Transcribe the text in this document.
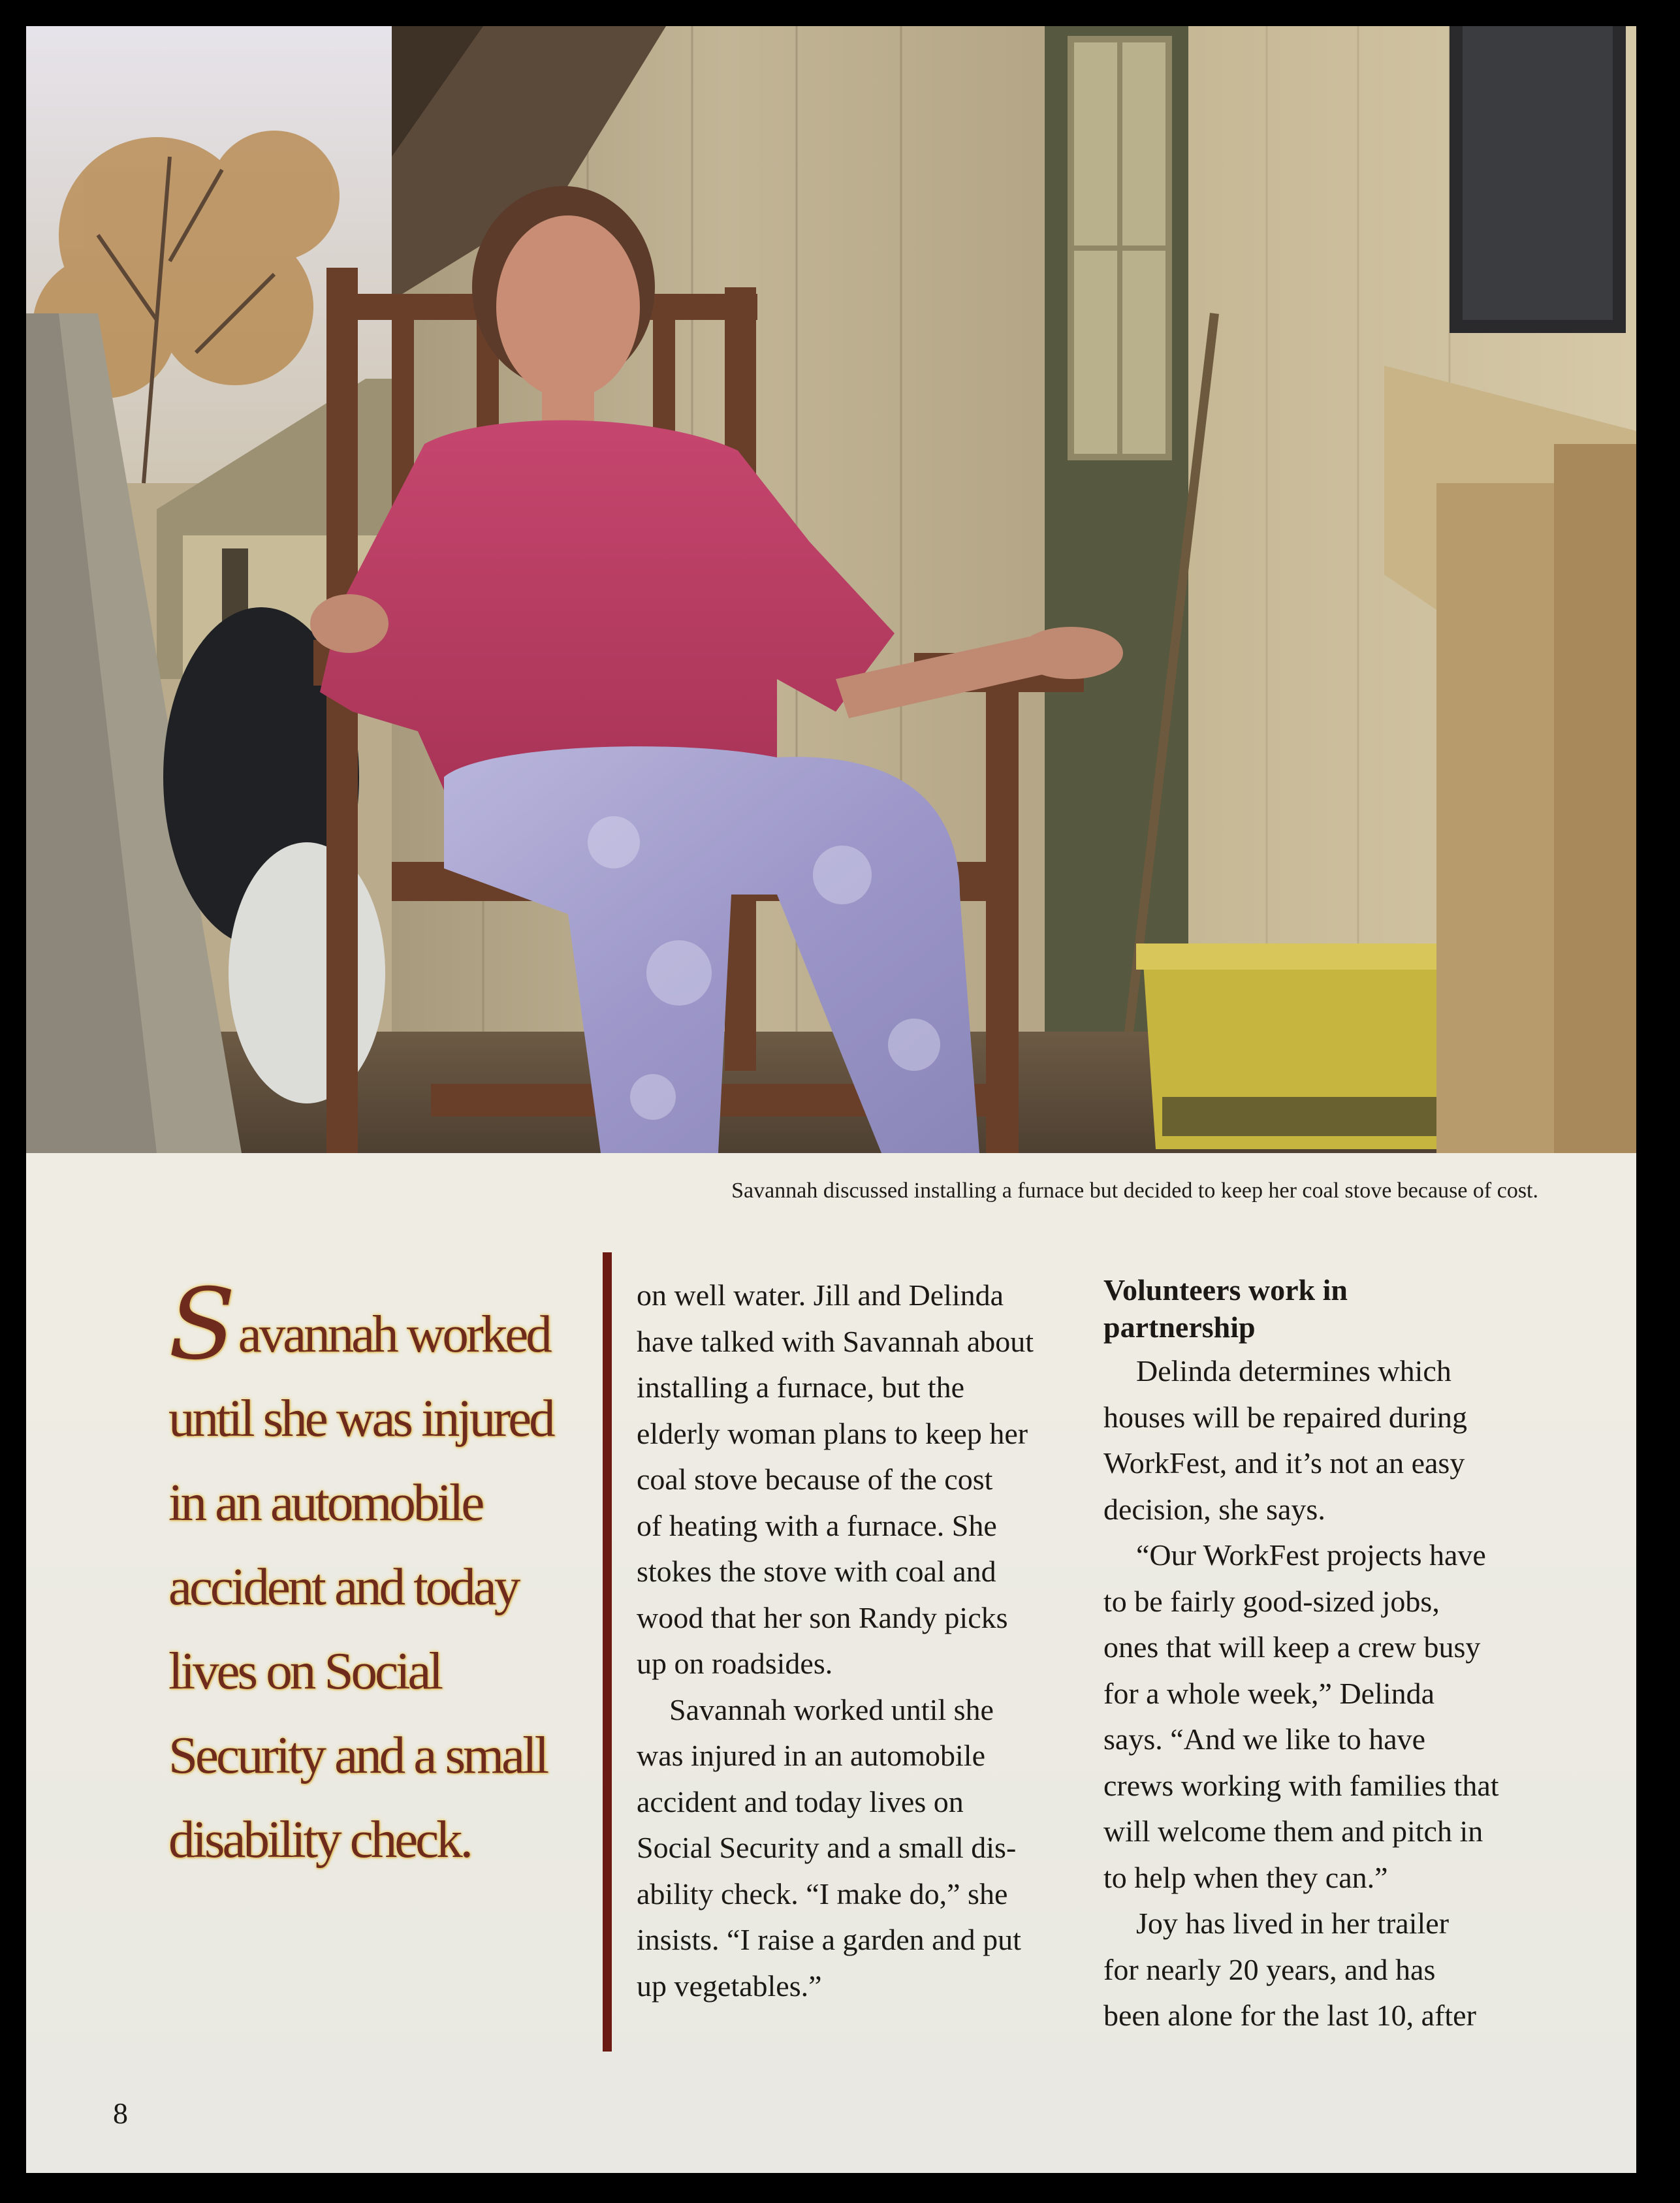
Savannah discussed installing a furnace but decided to keep her coal stove because of cost.
Savannah worked
until she was injured
in an automobile
accident and today
lives on Social
Security and a small
disability check.
on well water. Jill and Delinda
have talked with Savannah about
installing a furnace, but the
elderly woman plans to keep her
coal stove because of the cost
of heating with a furnace. She
stokes the stove with coal and
wood that her son Randy picks
up on roadsides.
Savannah worked until she
was injured in an automobile
accident and today lives on
Social Security and a small dis-
ability check. “I make do,” she
insists. “I raise a garden and put
up vegetables.”
Volunteers work in
partnership
Delinda determines which
houses will be repaired during
WorkFest, and it’s not an easy
decision, she says.
“Our WorkFest projects have
to be fairly good-sized jobs,
ones that will keep a crew busy
for a whole week,” Delinda
says. “And we like to have
crews working with families that
will welcome them and pitch in
to help when they can.”
Joy has lived in her trailer
for nearly 20 years, and has
been alone for the last 10, after
8
